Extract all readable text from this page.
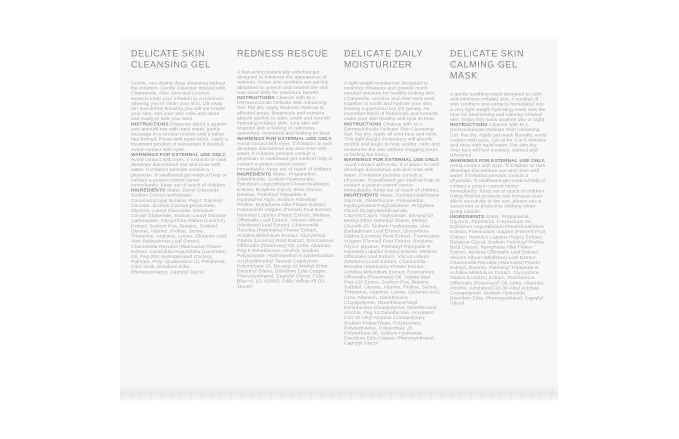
DELICATE SKIN CLEANSING GEL

Gentle, non-drying deep cleansing without the irritation. Gentle Cleanser infused with Chamomile, Aloe Vera and Licorice extracts keep your irritation to a minimum allowing you to clean your skin. Lift away dirt and debris knowing you will not irritate your skin. Get your skin calm and clean and ready to look your best.

INSTRUCTIONS Dispense about a quarter size amount mix with tepid water, gently message in a circular motion until a lather has formed. Rinse with tepid water. Apply a treatment product or sunscreen if desired. Avoid contact with eyes.

WARNINGS FOR EXTERNAL USE ONLY. Avoid contact with eyes. If irritation or rash develops discontinue use and rinse with water. If irritation persists consult a physician. If swallowed get medical help or contact a poison control center immediately. Keep out of reach of children.

INGREDIENTS Water, Decyl Glucoside, Sodium Cocoyl Isethionate, Cocamidopropyl Betaine, Peg-7 Glyceryl Cocoate, Sodium Cocoamphoacetate, Glycerin, Lauryl Glucoside, Disodium Cocoyl Glutamate, Sodium Lauryl Glucose Carboxylate, Glycyrrhiza Glabra (Licorice) Extract, Sodium Pca, Betaine, Sorbitol, Glycine, Alanine, Proline, Serine, Threonine, Arginine, Lysine, Glutamic Acid, Aloe Barbadensis Leaf Extract, Chamomilla Recutita (Matricaria) Flower Extract, Lavandula Angustifolia (Lavender) Oil, Peg-200 Hydrogenated Glyceryl Palmate, Poly- Quaternium-10, Panthenol, Citric Acid, Disodium Edta, Phenoxyethanol, Caprylyl Glycol

REDNESS RESCUE

A fast-acting botanically enriched gel designed to minimize the appearance of redness. Active skin soothers are quickly absorbed to quench and nourish the skin. Use twice daily for maximum benefit.

INSTRUCTIONS Cleanse with M.A. Dermaceuticals Delicate Skin Cleansing Gel. Pat dry. Apply Redness Rescue to affected areas. Botanicals and extracts absorb quickly to calm, sooth and nourish hydrating irritated skin. Your skin will respond with a feeling of calmness, quenched, nourished and looking its best.

WARNINGS FOR EXTERNAL USE ONLY. Avoid contact with eyes. If irritation or rash develops discontinue use and rinse with water. If irritation persists consult a physician. If swallowed get medical help or contact a poison control center immediately. Keep out of reach of children.

INGREDIENTS Water, Propanediol, Dimethicone, Sodium Hyaluronate, Epilobium Angustifolium Flower/leaf/stem Extract, Butylene Glycol, Beta Glucan, Dextran, Palmitoyl Tripeptide-8, Hydrolyzed Algin, Sodium Palmitoyl Proline, Nymphaea Alba Flower Extract, Foeniculum Vulgare (Fennel) Fruit Extract, Humulus Lupulus (Hops) Extract, Melissa Officinalis Leaf Extract, Viscum Album (Mistletoe) Leaf Extract, Chamomilla Recutita (Matricaria) Flower Extract, Achillea Millefolium Extract, Glycyrrhiza Glabra (Licorice) Root Extract, Rosmarinus Officinalis (Rosemary) Oil, Urea, Allantoin, Peg-8 Dimethicone, Alcohol, Sodium Polyacrylate, Hydroxyethyl Acrylate/sodium Acryloyldimethyl Taurate Copolymer, Polysorbate 20, Bis-peg-18 Methyl Ether Dimethyl Silane, Disodium Edta Copper, Phenoxyethanol, Caprylyl Glycol, Fd&c Blue #1 (Ci 42090), Fd&c Yellow #5 (Ci 19140)

DELICATE DAILY MOISTURIZER

A light weight moisturizer designed to minimize irritations and provide much needed moisture for healthy looking skin. Chamomile, Licorice and Aloe Vera work together to sooth and hydrate your skin leaving it quenched but not greasy. An important blend of botanicals and extracts make your skin healthy and look its best.

INSTRUCTIONS Cleanse with M.A. Dermaceuticals Delicate Skin Cleansing Gel. Pat dry. Apply all over face and neck. This light weight moisturizer will absorb quickly and begin to help soothe, calm and moisturize the skin without clogging pores or feeling too heavy.

WARNINGS FOR EXTERNAL USE ONLY. Avoid contact with eyes. If irritation or rash develops discontinue use and rinse with water. If irritation persists consult a physician. If swallowed get medical help or contact a poison control center immediately. Keep out of reach of children.

INGREDIENTS Water, Cyclopentasiloxane, Glycerin, Dimethicone, Propanediol, Hydrogenated Polyisobutene, Propylene Glycol Dicaprylate/dicaprate, Caprylic/Capric Triglyceride, Bis-peg-18 Methyl Ether Dimethyl Silane, Methyl Gluceth-20, Sodium Hyaluronate, Aloe Barbadensis Leaf Extract, Glycyrrhiza Glabra (Licorice) Root Extract, Foeniculum Vulgare (Fennel) Fruit Extract, Butylene Glycol, Dextran, Palmitoyl Tripeptide-8, Humulus Lupulus (Hops) Extract, Melissa Officinalis Leaf Extract, Viscum Album (Mistletoe) Leaf Extract, Chamomilla Recutita (Matricaria) Flower Extract, Achillea Millefolium Extract, Rosmarinus Officinalis (Rosemary) Oil, Jojoba Wax Peg-120 Esters, Sodium Pca, Betaine, Sorbitol, Glycine, Alanine, Proline, Serine, Threonine, Arginine, Lysine, Glutamic Acid, Urea, Allantoin, Dimethicone Crosspolymer, Dimethicone/vinyl Dimethicone Crosspolymer, Dimethiconol, Alcohol, Peg-10 Dimethicone, Acrylates/ C10-30 Alkyl Acrylate Crosspolymer, Sodium Polyacrylate, Polyacrylate, Polyisobutene, Polysorbate 20, Polysorbate 60, Sodium Hydroxide, Disodium Edta Copper, Phenoxyethanol, Caprylyl Glycol

DELICATE SKIN CALMING GEL MASK

A gentle soothing mask designed to calm and minimize irritated skin. A cocktail of skin soothers and extracts formulated into a very light weight hydrating mask sets the tone for destressing and calming irritated skin. Enjoy this mask anytime day or night.

INSTRUCTIONS Cleanse with M.A. Dermaceuticals Delicate Skin Cleansing Gel. Pat dry. Apply gel mask liberally, avoid contact with eyes. Let sit for 3 to 5 minutes and rinse with tepid water. Pat skin dry. Your face will feel soothed, calmed and refreshed.

WARNINGS FOR EXTERNAL USE ONLY. Avoid contact with eyes. If irritation or rash develops discontinue use and rinse with water. If irritation persists consult a physician. If swallowed get medical help or contact a poison control center immediately. Keep out of reach of children. Using Retinol products can increase your skin's sensitivity to the sun, please use a sunscreen or protective clothing when going outside.

INGREDIENTS Water, Propanediol, Glycerin, Panthenol, Polysorbate 20, Epilobium Angustifolium Flower/Leaf/stem Extract, Foeniculum Vulgare (Fennel) Fruit Extract, Humulus Lupulus (Hops) Extract, Butylene Glycol, Sodium Palmitoyl Proline, Beta Glucan, Nymphaea Alba Flower Extract, Melissa Officinalis Leaf Extract, Viscum Album (Mistletoe) Leaf Extract, Chamomilla Recutita (Matricaria) Flower Extract, Dextran, Palmitoyl Tripeptide-8, Achillea Millefolium Extract, Glycyrrhiza Glabra (Licorice) Extract, Rosmarinus Officinalis (Rosemary) Oil, Urea, Allantoin, Alcohol, Acrylates/C10-30 Alkyl Acrylate Crosspolymer, Sodium Hydroxide, Disodium Edta, Phenoxyethanol, Caprylyl Glycol
